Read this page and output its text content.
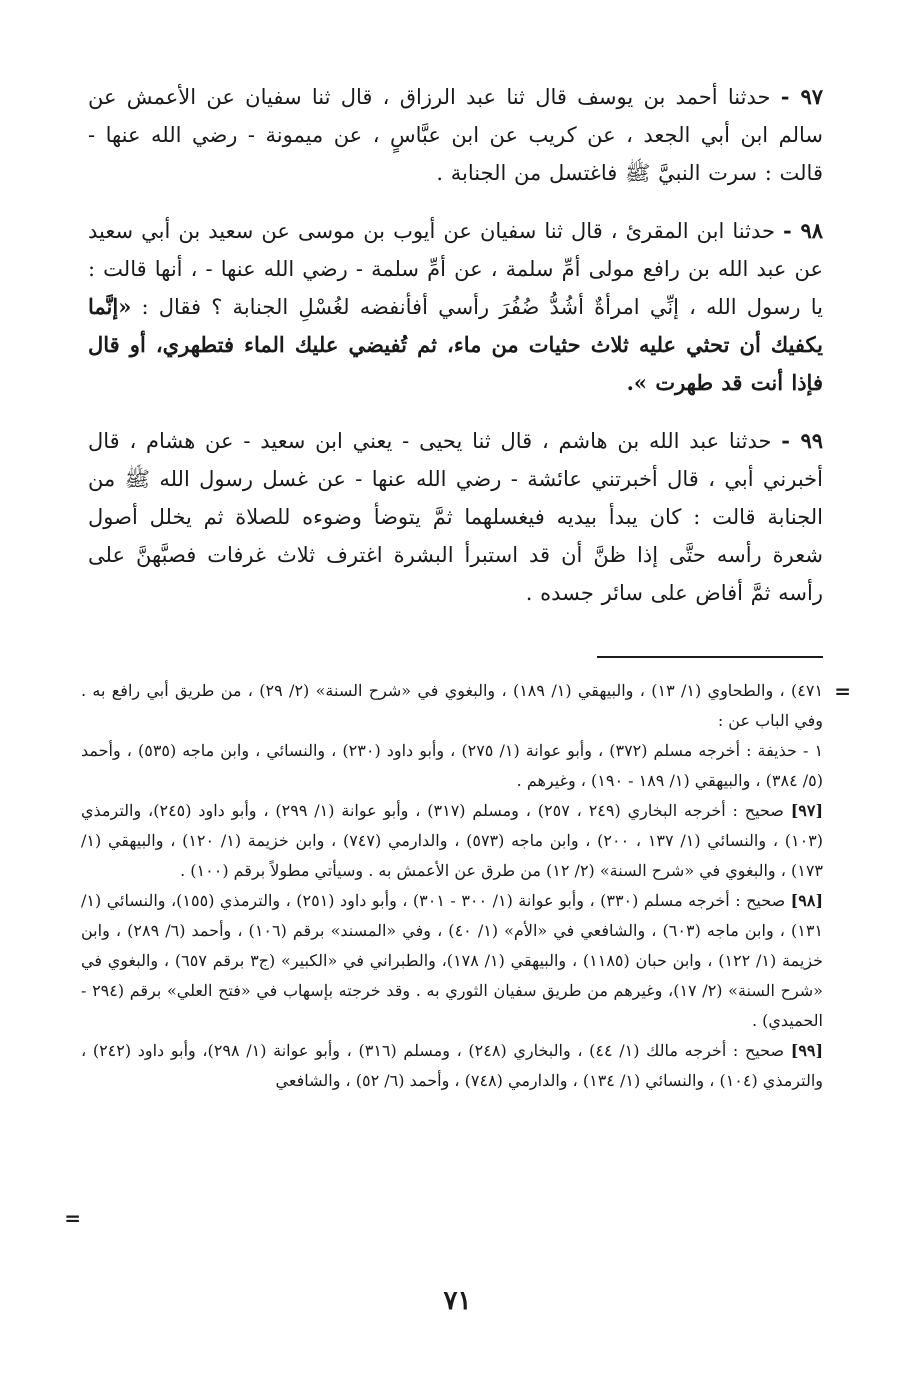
٩٧ - حدثنا أحمد بن يوسف قال ثنا عبد الرزاق ، قال ثنا سفيان عن الأعمش عن سالم ابن أبي الجعد ، عن كريب عن ابن عبَّاسٍ ، عن ميمونة - رضي الله عنها - قالت : سرت النبيَّ ﷺ فاغتسل من الجنابة .

٩٨ - حدثنا ابن المقرئ ، قال ثنا سفيان عن أيوب بن موسى عن سعيد بن أبي سعيد عن عبد الله بن رافع مولى أمِّ سلمة ، عن أمِّ سلمة - رضي الله عنها - ، أنها قالت : يا رسول الله ، إنِّي امرأةٌ أشُدُّ ضُفُرَ رأسي أفأنفضه لغُسْلِ الجنابة ؟ فقال : «إنَّما يكفيك أن تحثي عليه ثلاث حثيات من ماء، ثم تُفيضي عليك الماء فتطهري، أو قال فإذا أنت قد طهرت ».

٩٩ - حدثنا عبد الله بن هاشم ، قال ثنا يحيى - يعني ابن سعيد - عن هشام ، قال أخبرني أبي ، قال أخبرتني عائشة - رضي الله عنها - عن غسل رسول الله ﷺ من الجنابة قالت : كان يبدأ بيديه فيغسلهما ثمَّ يتوضأ وضوءه للصلاة ثم يخلل أصول شعرة رأسه حتَّى إذا ظنَّ أن قد استبرأ البشرة اغترف ثلاث غرفات فصبَّهنَّ على رأسه ثمَّ أفاض على سائر جسده .

=

٤٧١) ، والطحاوي (١/ ١٣) ، والبيهقي (١/ ١٨٩) ، والبغوي في «شرح السنة» (٢/ ٢٩) ، من طريق أبي رافع به . وفي الباب عن :

١ - حذيفة : أخرجه مسلم (٣٧٢) ، وأبو عوانة (١/ ٢٧٥) ، وأبو داود (٢٣٠) ، والنسائي ، وابن ماجه (٥٣٥) ، وأحمد (٥/ ٣٨٤) ، والبيهقي (١/ ١٨٩ - ١٩٠) ، وغيرهم .

[٩٧] صحيح : أخرجه البخاري (٢٤٩ ، ٢٥٧) ، ومسلم (٣١٧) ، وأبو عوانة (١/ ٢٩٩) ، وأبو داود (٢٤٥)، والترمذي (١٠٣) ، والنسائي (١/ ١٣٧ ، ٢٠٠) ، وابن ماجه (٥٧٣) ، والدارمي (٧٤٧) ، وابن خزيمة (١/ ١٢٠) ، والبيهقي (١/ ١٧٣) ، والبغوي في «شرح السنة» (٢/ ١٢) من طرق عن الأعمش به . وسيأتي مطولاً برقم (١٠٠) .

[٩٨] صحيح : أخرجه مسلم (٣٣٠) ، وأبو عوانة (١/ ٣٠٠ - ٣٠١) ، وأبو داود (٢٥١) ، والترمذي (١٥٥)، والنسائي (١/ ١٣١) ، وابن ماجه (٦٠٣) ، والشافعي في «الأم» (١/ ٤٠) ، وفي «المسند» برقم (١٠٦) ، وأحمد (٦/ ٢٨٩) ، وابن خزيمة (١/ ١٢٢) ، وابن حبان (١١٨٥) ، والبيهقي (١/ ١٧٨)، والطبراني في «الكبير» (ج٣ برقم ٦٥٧) ، والبغوي في «شرح السنة» (٢/ ١٧)، وغيرهم من طريق سفيان الثوري به . وقد خرجته بإسهاب في «فتح العلي» برقم (٢٩٤ - الحميدي) .

[٩٩] صحيح : أخرجه مالك (١/ ٤٤) ، والبخاري (٢٤٨) ، ومسلم (٣١٦) ، وأبو عوانة (١/ ٢٩٨)، وأبو داود (٢٤٢) ، والترمذي (١٠٤) ، والنسائي (١/ ١٣٤) ، والدارمي (٧٤٨) ، وأحمد (٦/ ٥٢) ، والشافعي

=
٧١
